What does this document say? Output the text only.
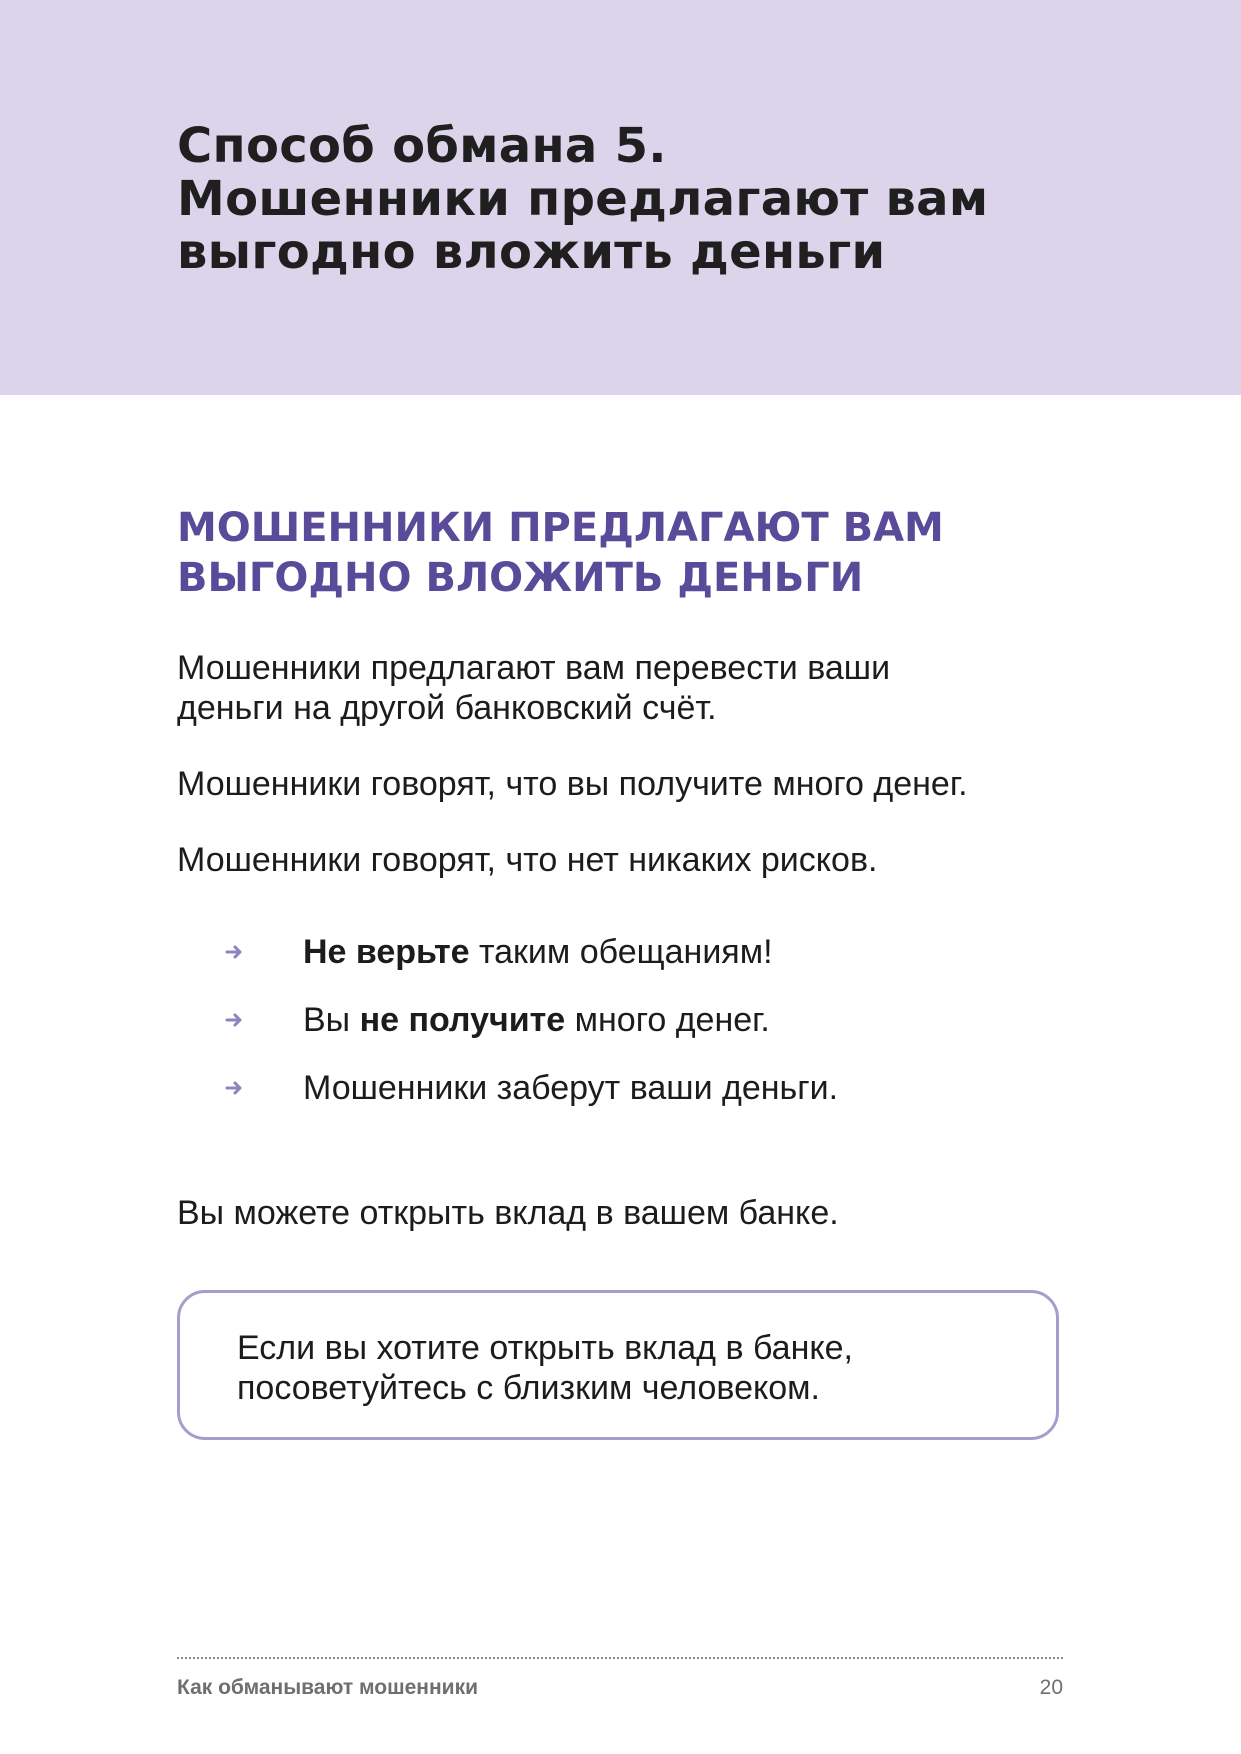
Способ обмана 5.
Мошенники предлагают вам
выгодно вложить деньги
МОШЕННИКИ ПРЕДЛАГАЮТ ВАМ
ВЫГОДНО ВЛОЖИТЬ ДЕНЬГИ

Мошенники предлагают вам перевести ваши
деньги на другой банковский счёт.

Мошенники говорят, что вы получите много денег.

Мошенники говорят, что нет никаких рисков.

Не верьте таким обещаниям!
Вы не получите много денег.
Мошенники заберут ваши деньги.

Вы можете открыть вклад в вашем банке.

Если вы хотите открыть вклад в банке,
посоветуйтесь с близким человеком.

Как обманывают мошенники	20
